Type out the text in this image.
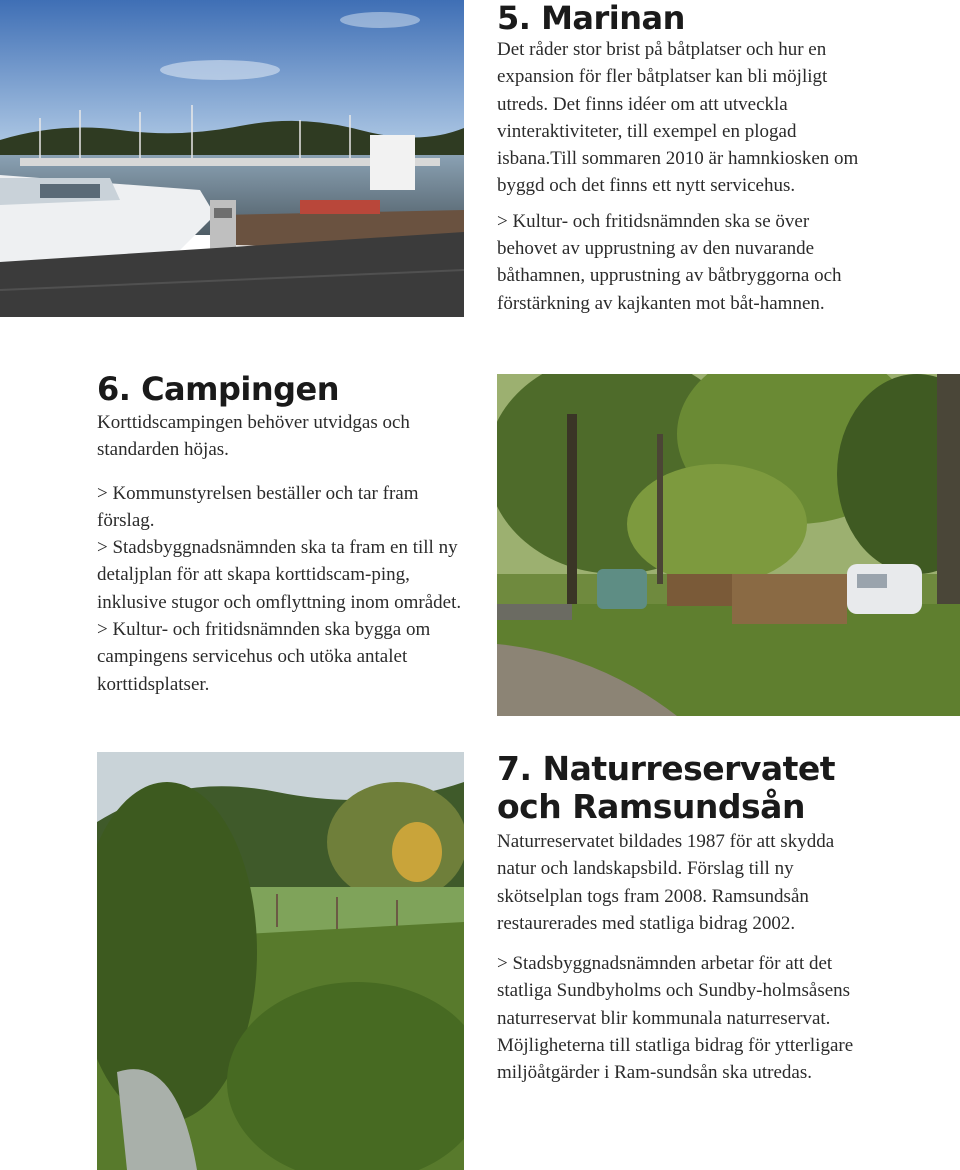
5. Marinan

Det råder stor brist på båtplatser och hur en expansion för fler båtplatser kan bli möjligt utreds. Det finns idéer om att utveckla vinteraktiviteter, till exempel en plogad isbana.Till sommaren 2010 är hamnkiosken om byggd och det finns ett nytt servicehus.

> Kultur- och fritidsnämnden ska se över behovet av upprustning av den nuvarande båthamnen, upprustning av båtbryggorna och förstärkning av kajkanten mot båt-hamnen.

6. Campingen

Korttidscampingen behöver utvidgas och standarden höjas.

> Kommunstyrelsen beställer och tar fram förslag.

> Stadsbyggnadsnämnden ska ta fram en till ny detaljplan för att skapa korttidscam-ping, inklusive stugor och omflyttning inom området.

> Kultur- och fritidsnämnden ska bygga om campingens servicehus och utöka antalet korttidsplatser.

7. Naturreservatet
och Ramsundsån

Naturreservatet bildades 1987 för att skydda natur och landskapsbild. Förslag till ny skötselplan togs fram 2008. Ramsundsån restaurerades med statliga bidrag 2002.

> Stadsbyggnadsnämnden arbetar för att det statliga Sundbyholms och Sundby-holmsåsens naturreservat blir kommunala naturreservat. Möjligheterna till statliga bidrag för ytterligare miljöåtgärder i Ram-sundsån ska utredas.
